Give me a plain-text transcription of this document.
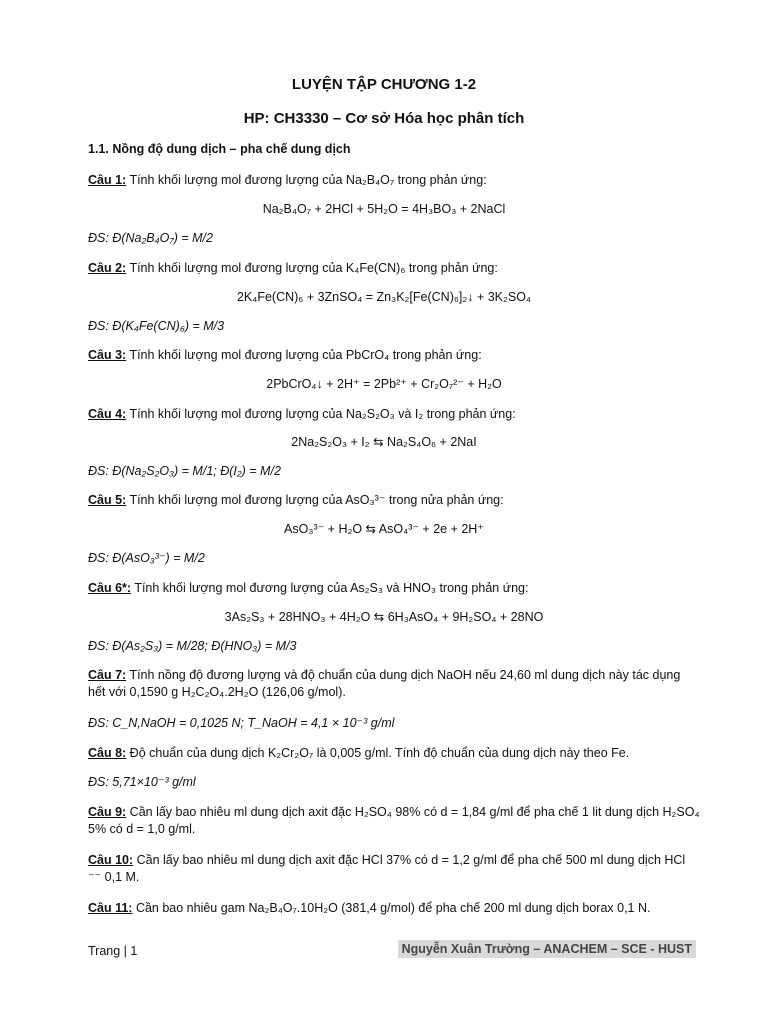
LUYỆN TẬP CHƯƠNG 1-2
HP: CH3330 – Cơ sở Hóa học phân tích
1.1. Nồng độ dung dịch – pha chế dung dịch
Câu 1: Tính khối lượng mol đương lượng của Na₂B₄O₇ trong phản ứng:
Na₂B₄O₇ + 2HCl + 5H₂O = 4H₃BO₃ + 2NaCl
ĐS: Đ(Na₂B₄O₇) = M/2
Câu 2: Tính khối lượng mol đương lượng của K₄Fe(CN)₆ trong phản ứng:
2K₄Fe(CN)₆ + 3ZnSO₄ = Zn₃K₂[Fe(CN)₆]₂↓ + 3K₂SO₄
ĐS: Đ(K₄Fe(CN)₆) = M/3
Câu 3: Tính khối lượng mol đương lượng của PbCrO₄ trong phản ứng:
2PbCrO₄↓ + 2H⁺ = 2Pb²⁺ + Cr₂O₇²⁻ + H₂O
Câu 4: Tính khối lượng mol đương lượng của Na₂S₂O₃ và I₂ trong phản ứng:
2Na₂S₂O₃ + I₂ ⇆ Na₂S₄O₆ + 2NaI
ĐS: Đ(Na₂S₂O₃) = M/1; Đ(I₂) = M/2
Câu 5: Tính khối lượng mol đương lượng của AsO₃³⁻ trong nửa phản ứng:
AsO₃³⁻ + H₂O ⇆ AsO₄³⁻ + 2e + 2H⁺
ĐS: Đ(AsO₃³⁻) = M/2
Câu 6*: Tính khối lượng mol đương lượng của As₂S₃ và HNO₃ trong phản ứng:
3As₂S₃ + 28HNO₃ + 4H₂O ⇆ 6H₃AsO₄ + 9H₂SO₄ + 28NO
ĐS: Đ(As₂S₃) = M/28; Đ(HNO₃) = M/3
Câu 7: Tính nồng độ đương lượng và độ chuẩn của dung dịch NaOH nếu 24,60 ml dung dịch này tác dụng hết với 0,1590 g H₂C₂O₄.2H₂O (126,06 g/mol).
ĐS: C_N,NaOH = 0,1025 N; T_NaOH = 4,1 × 10⁻³ g/ml
Câu 8: Độ chuẩn của dung dịch K₂Cr₂O₇ là 0,005 g/ml. Tính độ chuẩn của dung dịch này theo Fe.
ĐS: 5,71×10⁻³ g/ml
Câu 9: Cần lấy bao nhiêu ml dung dịch axit đặc H₂SO₄ 98% có d = 1,84 g/ml để pha chế 1 lit dung dịch H₂SO₄ 5% có d = 1,0 g/ml.
Câu 10: Cần lấy bao nhiêu ml dung dịch axit đặc HCl 37% có d = 1,2 g/ml để pha chế 500 ml dung dịch HCl ⁻⁻ 0,1 M.
Câu 11: Cần bao nhiêu gam Na₂B₄O₇.10H₂O (381,4 g/mol) để pha chế 200 ml dung dịch borax 0,1 N.
Trang | 1	Nguyễn Xuân Trường – ANACHEM – SCE - HUST
